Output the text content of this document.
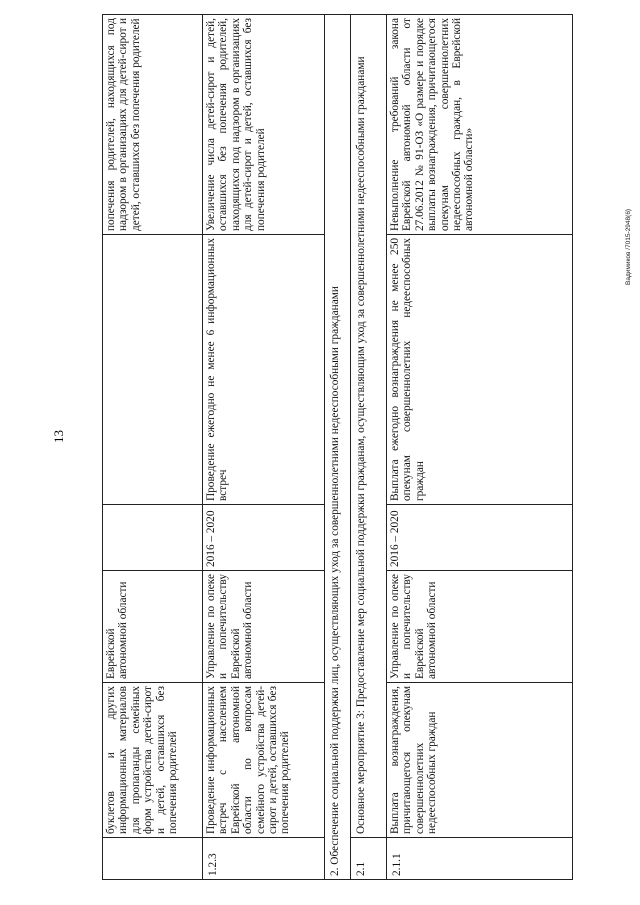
13
Вадимиков /7015-2948(6)
	буклетов и других информационных материалов для пропаганды семейных форм устройства детей-сирот и детей, оставшихся без попечения родителей	Еврейской автономной области			попечения родителей, находящихся под надзором в организациях для детей-сирот и детей, оставшихся без попечения родителей
1.2.3	Проведение информационных встреч с населением Еврейской автономной области по вопросам семейного устройства детей-сирот и детей, оставшихся без попечения родителей	Управление по опеке и попечительству Еврейской автономной области	2016 – 2020	Проведение ежегодно не менее 6 информационных встреч	Увеличение числа детей-сирот и детей, оставшихся без попечения родителей, находящихся под надзором в организациях для детей-сирот и детей, оставшихся без попечения родителей
2. Обеспечение социальной поддержки лиц, осуществляющих уход за совершеннолетними недееспособными гражданами					
2.1	Основное мероприятие 3: Предоставление мер социальной поддержки гражданам, осуществляющим уход за совершеннолетними недееспособными гражданами				
2.1.1	Выплата вознаграждения, причитающегося опекунам совершеннолетних недееспособных граждан	Управление по опеке и попечительству Еврейской автономной области	2016 – 2020	Выплата ежегодно вознаграждения не менее 250 опекунам совершеннолетних недееспособных граждан	Невыполнение требований закона Еврейской автономной области от 27.06.2012 № 91-ОЗ «О размере и порядке выплаты вознаграждения, причитающегося опекунам совершеннолетних недееспособных граждан, в Еврейской автономной области»
